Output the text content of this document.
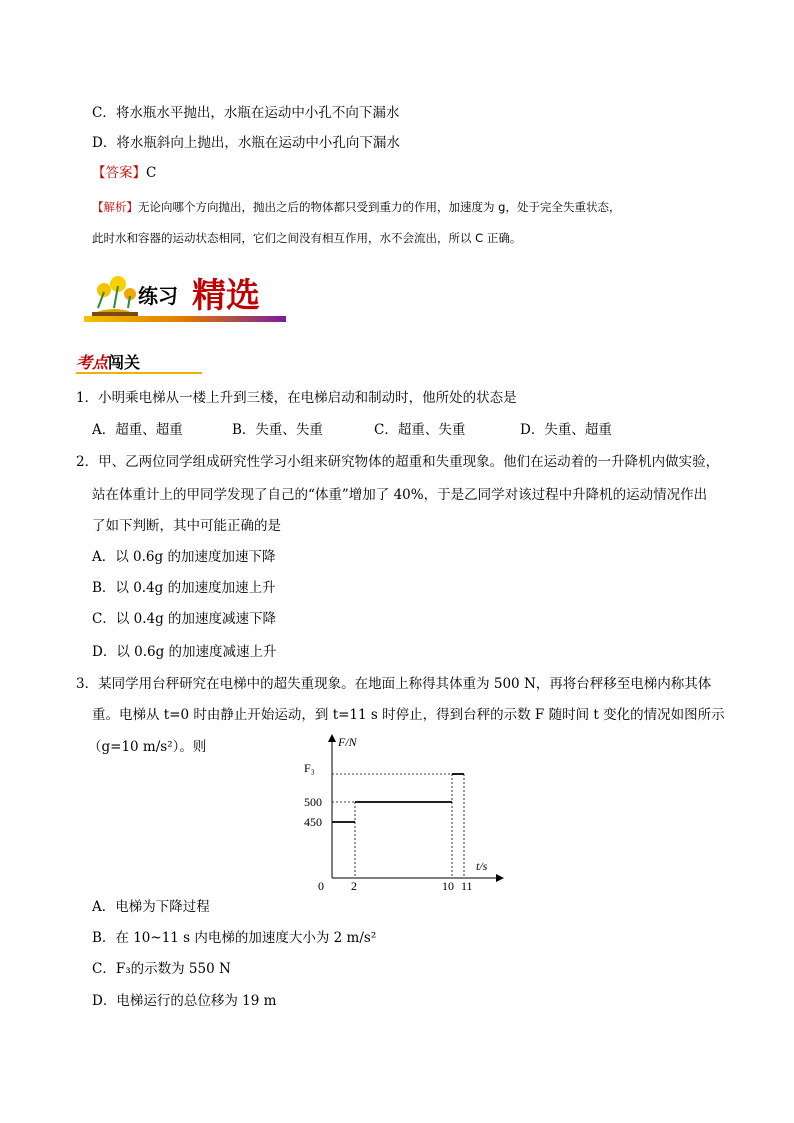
C．将水瓶水平抛出，水瓶在运动中小孔不向下漏水
D．将水瓶斜向上抛出，水瓶在运动中小孔向下漏水
【答案】C
【解析】无论向哪个方向抛出，抛出之后的物体都只受到重力的作用，加速度为 g，处于完全失重状态，
此时水和容器的运动状态相同，它们之间没有相互作用，水不会流出，所以 C 正确。
练习 精选
考点闯关
1．小明乘电梯从一楼上升到三楼，在电梯启动和制动时，他所处的状态是
A．超重、超重	B．失重、失重	C．超重、失重	D．失重、超重
2．甲、乙两位同学组成研究性学习小组来研究物体的超重和失重现象。他们在运动着的一升降机内做实验，
站在体重计上的甲同学发现了自己的“体重”增加了 40%，于是乙同学对该过程中升降机的运动情况作出
了如下判断，其中可能正确的是
A．以 0.6g 的加速度加速下降
B．以 0.4g 的加速度加速上升
C．以 0.4g 的加速度减速下降
D．以 0.6g 的加速度减速上升
3．某同学用台秤研究在电梯中的超失重现象。在地面上称得其体重为 500 N，再将台秤移至电梯内称其体
重。电梯从 t=0 时由静止开始运动，到 t=11 s 时停止，得到台秤的示数 F 随时间 t 变化的情况如图所示
（g=10 m/s²）。则
0 2	10 11
450
500
F₃
t/s
F/N
A．电梯为下降过程
B．在 10~11 s 内电梯的加速度大小为 2 m/s²
C．F₃的示数为 550 N
D．电梯运行的总位移为 19 m
